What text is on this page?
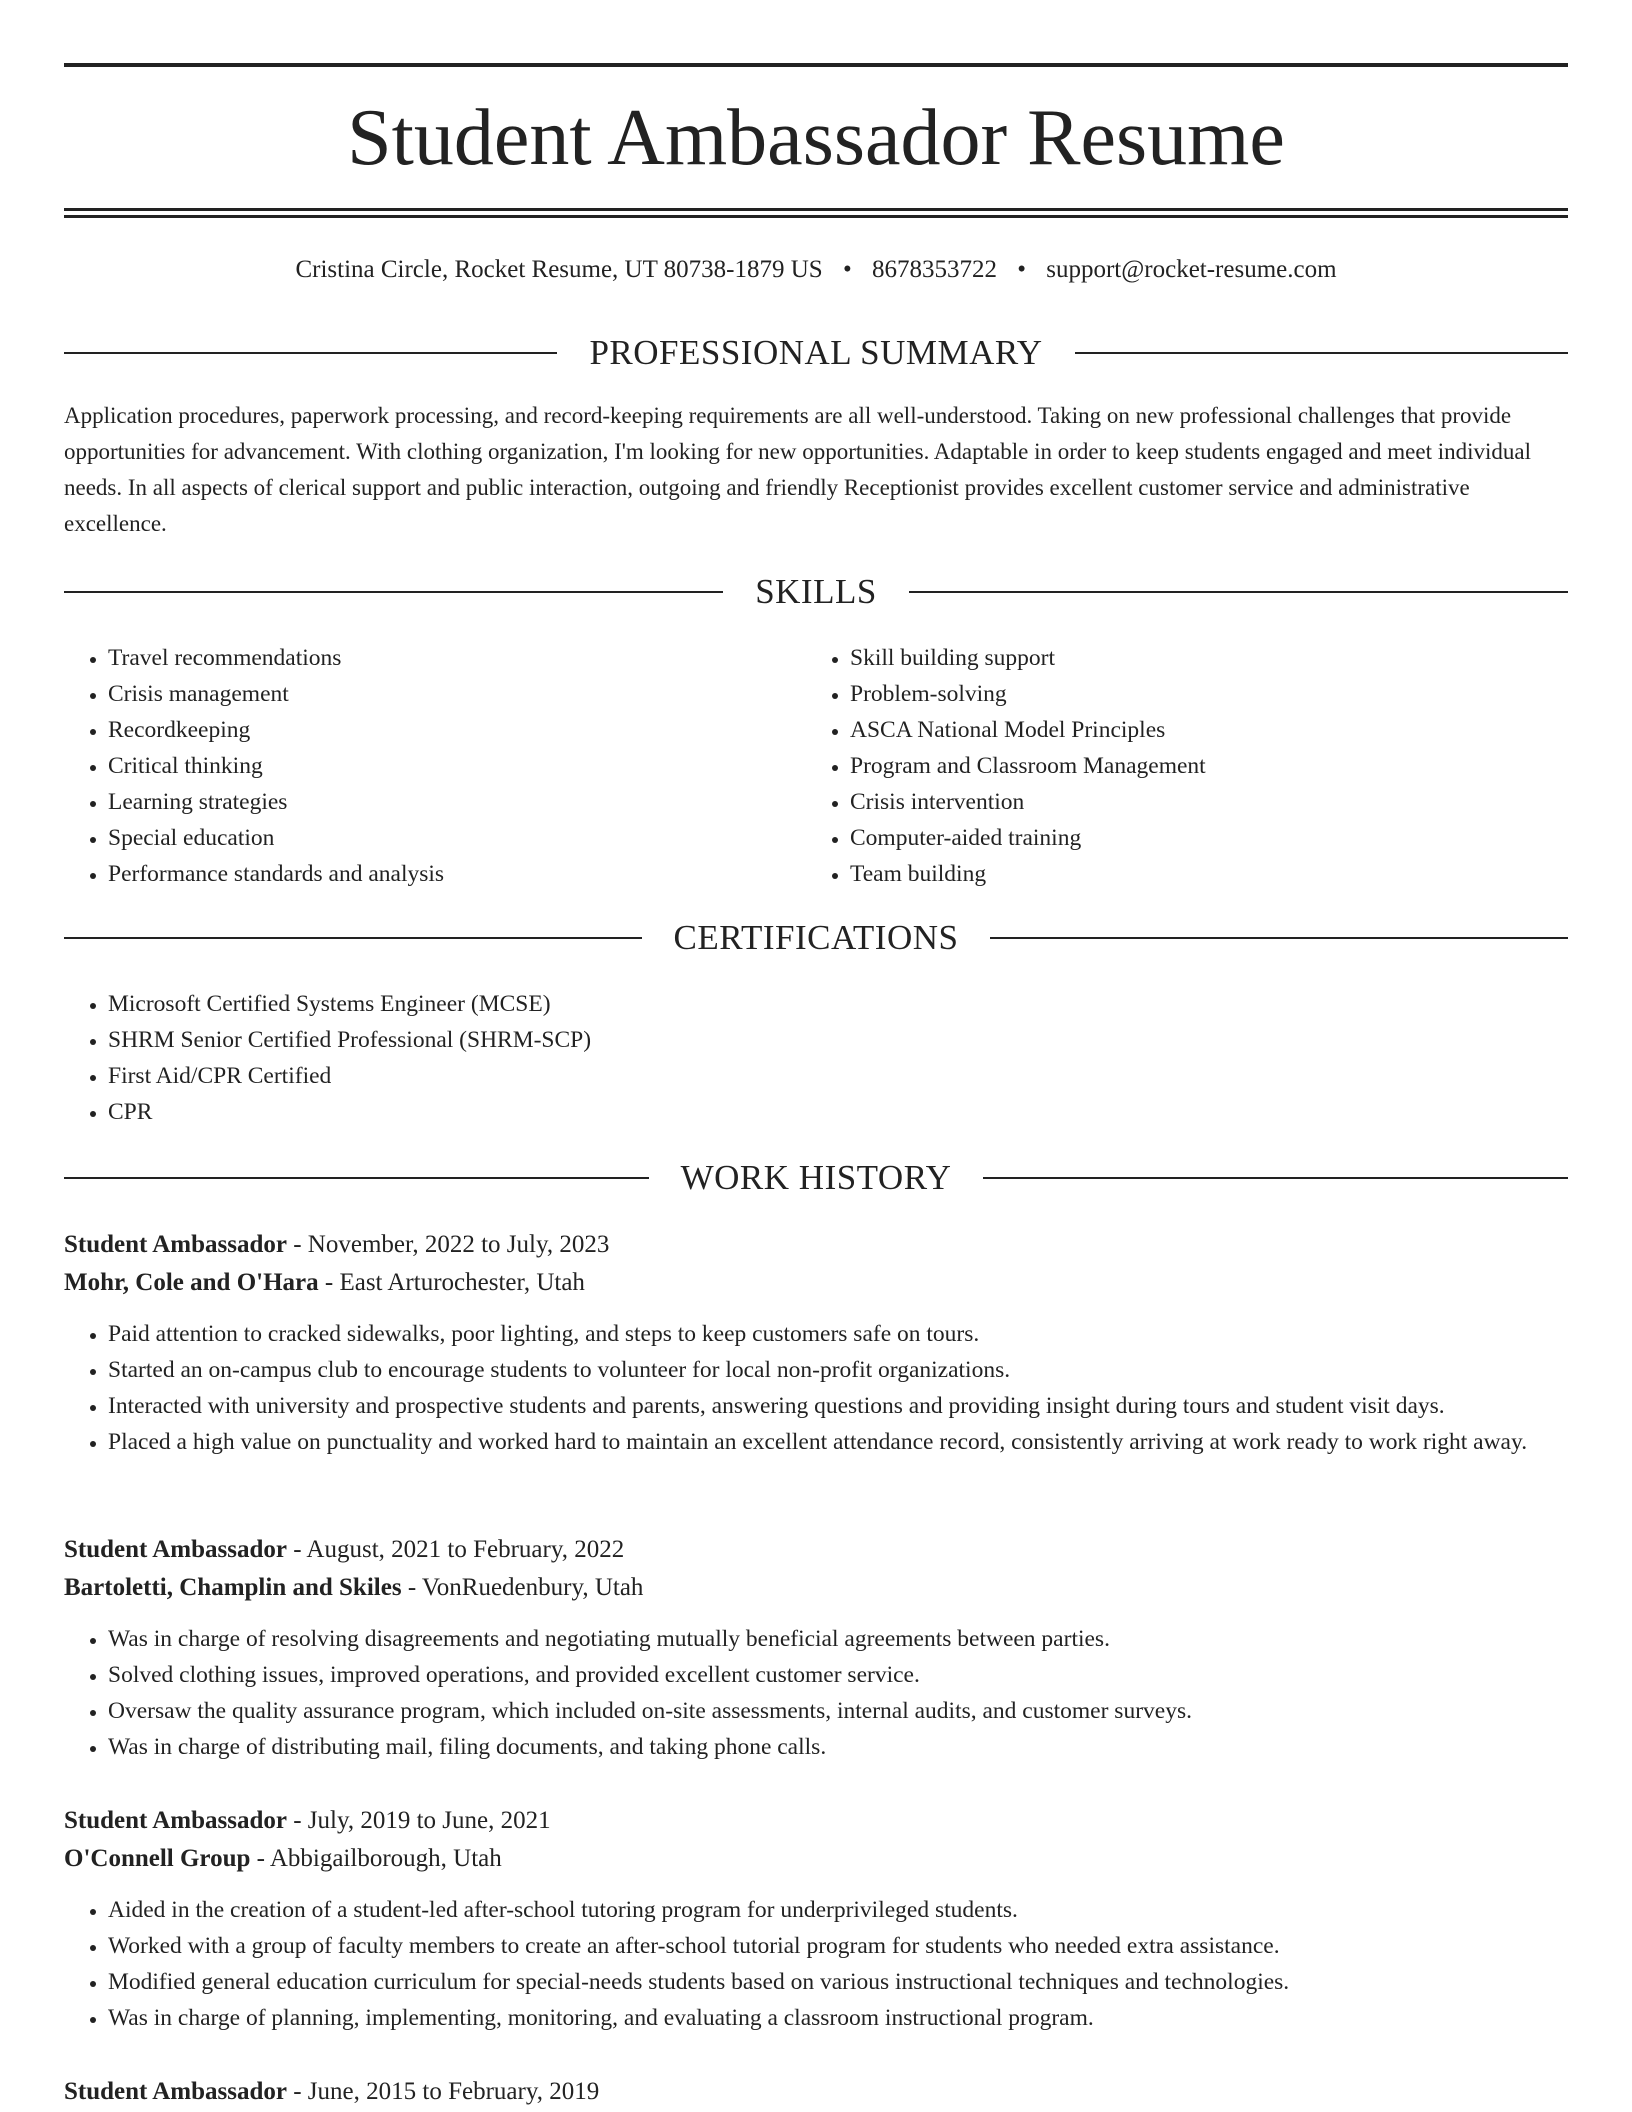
Student Ambassador Resume
Cristina Circle, Rocket Resume, UT 80738-1879 US • 8678353722 • support@rocket-resume.com
PROFESSIONAL SUMMARY

Application procedures, paperwork processing, and record-keeping requirements are all well-understood. Taking on new professional challenges that provide opportunities for advancement. With clothing organization, I'm looking for new opportunities. Adaptable in order to keep students engaged and meet individual needs. In all aspects of clerical support and public interaction, outgoing and friendly Receptionist provides excellent customer service and administrative excellence.

SKILLS
• Travel recommendations
• Crisis management
• Recordkeeping
• Critical thinking
• Learning strategies
• Special education
• Performance standards and analysis
• Skill building support
• Problem-solving
• ASCA National Model Principles
• Program and Classroom Management
• Crisis intervention
• Computer-aided training
• Team building
CERTIFICATIONS
• Microsoft Certified Systems Engineer (MCSE)
• SHRM Senior Certified Professional (SHRM-SCP)
• First Aid/CPR Certified
• CPR
WORK HISTORY
Student Ambassador - November, 2022 to July, 2023
Mohr, Cole and O'Hara - East Arturochester, Utah
• Paid attention to cracked sidewalks, poor lighting, and steps to keep customers safe on tours.
• Started an on-campus club to encourage students to volunteer for local non-profit organizations.
• Interacted with university and prospective students and parents, answering questions and providing insight during tours and student visit days.
• Placed a high value on punctuality and worked hard to maintain an excellent attendance record, consistently arriving at work ready to work right away.
Student Ambassador - August, 2021 to February, 2022
Bartoletti, Champlin and Skiles - VonRuedenbury, Utah
• Was in charge of resolving disagreements and negotiating mutually beneficial agreements between parties.
• Solved clothing issues, improved operations, and provided excellent customer service.
• Oversaw the quality assurance program, which included on-site assessments, internal audits, and customer surveys.
• Was in charge of distributing mail, filing documents, and taking phone calls.
Student Ambassador - July, 2019 to June, 2021
O'Connell Group - Abbigailborough, Utah
• Aided in the creation of a student-led after-school tutoring program for underprivileged students.
• Worked with a group of faculty members to create an after-school tutorial program for students who needed extra assistance.
• Modified general education curriculum for special-needs students based on various instructional techniques and technologies.
• Was in charge of planning, implementing, monitoring, and evaluating a classroom instructional program.
Student Ambassador - June, 2015 to February, 2019
